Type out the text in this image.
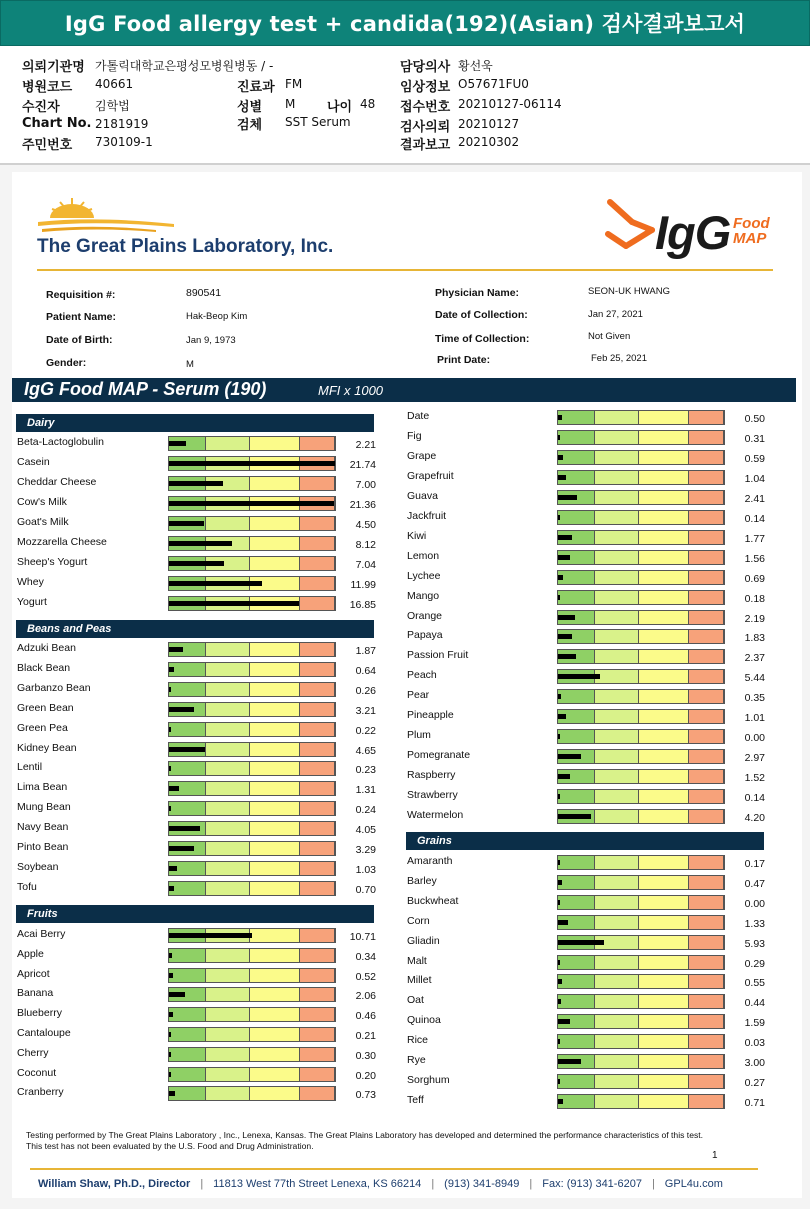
IgG Food allergy test + candida(192)(Asian) 검사결과보고서
의뢰기관명 가톨릭대학교은평성모병원병동 / -
병원코드 40661
수진자	김학법
Chart No. 2181919
주민번호 730109-1
진료과 FM
성별 M 나이 48
검체 SST Serum
담당의사 황선욱
임상정보 O57671FU0
접수번호 20210127-06114
검사의뢰 20210127
결과보고 20210302
The Great Plains Laboratory, Inc.	IgG Food
MAP
Requisition #:	890541
Patient Name:	Hak-Beop Kim
Date of Birth:	Jan 9, 1973
Gender:	M
Physician Name:	SEON-UK HWANG
Date of Collection:	Jan 27, 2021
Time of Collection:	Not Given
Print Date:	Feb 25, 2021
IgG Food MAP - Serum (190)	MFI x 1000
Dairy
Beta-Lactoglobulin	2.21
Casein	21.74
Cheddar Cheese	7.00
Cow's Milk	21.36
Goat's Milk	4.50
Mozzarella Cheese	8.12
Sheep's Yogurt	7.04
Whey	11.99
Yogurt	16.85
Beans and Peas
Adzuki Bean	1.87
Black Bean	0.64
Garbanzo Bean	0.26
Green Bean	3.21
Green Pea	0.22
Kidney Bean	4.65
Lentil	0.23
Lima Bean	1.31
Mung Bean	0.24
Navy Bean	4.05
Pinto Bean	3.29
Soybean	1.03
Tofu	0.70
Fruits
Acai Berry	10.71
Apple	0.34
Apricot	0.52
Banana	2.06
Blueberry	0.46
Cantaloupe	0.21
Cherry	0.30
Coconut	0.20
Cranberry	0.73
Date	0.50
Fig	0.31
Grape	0.59
Grapefruit	1.04
Guava	2.41
Jackfruit	0.14
Kiwi	1.77
Lemon	1.56
Lychee	0.69
Mango	0.18
Orange	2.19
Papaya	1.83
Passion Fruit	2.37
Peach	5.44
Pear	0.35
Pineapple	1.01
Plum	0.00
Pomegranate	2.97
Raspberry	1.52
Strawberry	0.14
Watermelon	4.20
Grains
Amaranth	0.17
Barley	0.47
Buckwheat	0.00
Corn	1.33
Gliadin	5.93
Malt	0.29
Millet	0.55
Oat	0.44
Quinoa	1.59
Rice	0.03
Rye	3.00
Sorghum	0.27
Teff	0.71
Testing performed by The Great Plains Laboratory , Inc., Lenexa, Kansas. The Great Plains Laboratory has developed and determined the performance characteristics of this test. This test has not been evaluated by the U.S. Food and Drug Administration.
1
William Shaw, Ph.D., Director | 11813 West 77th Street Lenexa, KS 66214 | (913) 341-8949 | Fax: (913) 341-6207 | GPL4u.com
